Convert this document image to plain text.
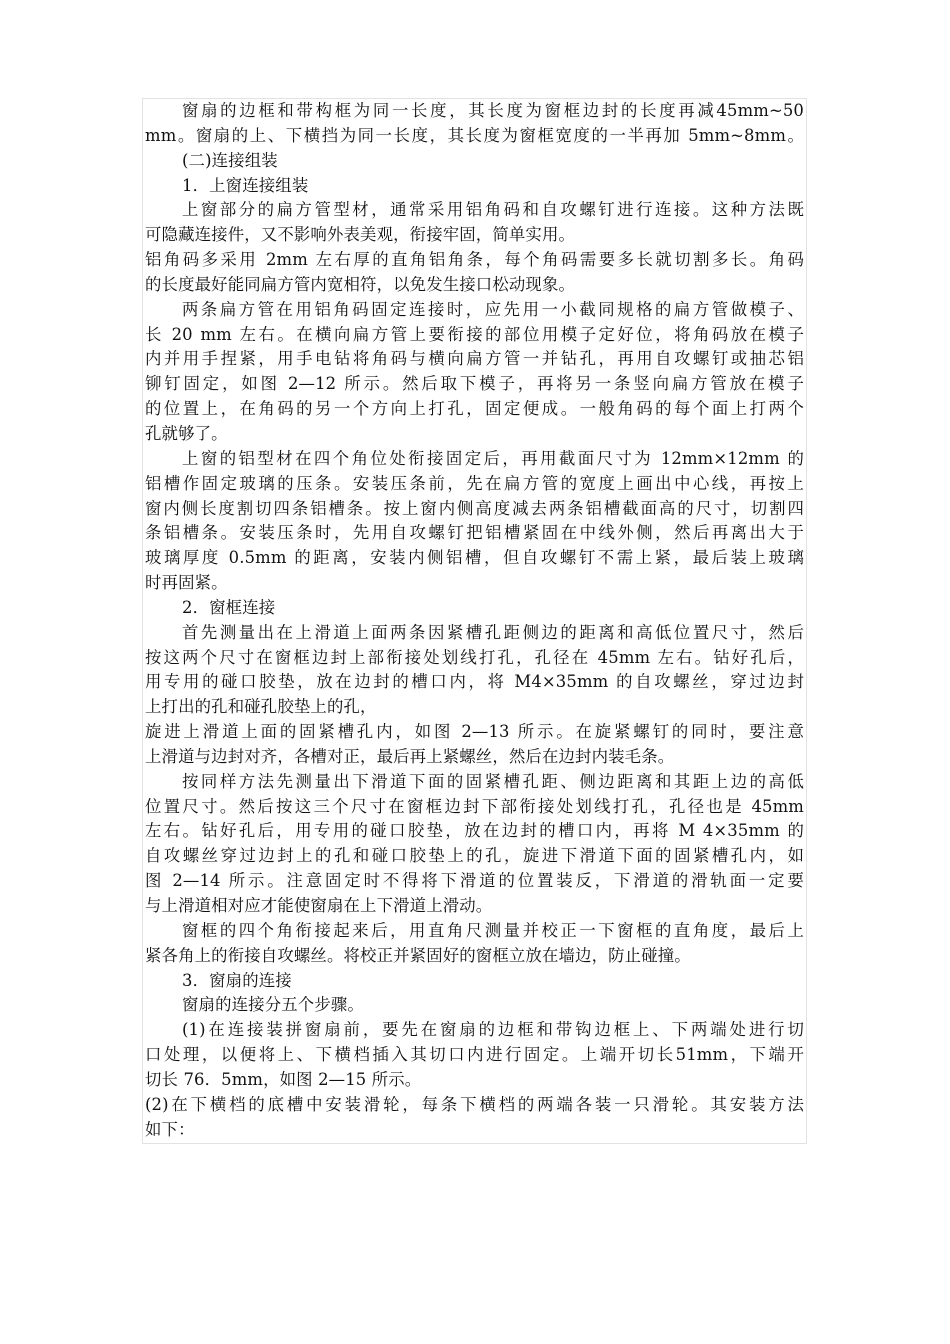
窗扇的边框和带构框为同一长度，其长度为窗框边封的长度再减45mm~50
mm。窗扇的上、下横挡为同一长度，其长度为窗框宽度的一半再加 5mm~8mm。
(二)连接组装
1．上窗连接组装
上窗部分的扁方管型材，通常采用铝角码和自攻螺钉进行连接。这种方法既
可隐藏连接件，又不影响外表美观，衔接牢固，简单实用。
铝角码多采用 2mm 左右厚的直角铝角条，每个角码需要多长就切割多长。角码
的长度最好能同扁方管内宽相符，以免发生接口松动现象。
两条扁方管在用铝角码固定连接时，应先用一小截同规格的扁方管做模子、
长 20 mm 左右。在横向扁方管上要衔接的部位用模子定好位，将角码放在模子
内并用手捏紧，用手电钻将角码与横向扁方管一并钻孔，再用自攻螺钉或抽芯铝
铆钉固定，如图 2—12 所示。然后取下模子，再将另一条竖向扁方管放在模子
的位置上，在角码的另一个方向上打孔，固定便成。一般角码的每个面上打两个
孔就够了。
上窗的铝型材在四个角位处衔接固定后，再用截面尺寸为 12mm×12mm 的
铝槽作固定玻璃的压条。安装压条前，先在扁方管的宽度上画出中心线，再按上
窗内侧长度割切四条铝槽条。按上窗内侧高度减去两条铝槽截面高的尺寸，切割四
条铝槽条。安装压条时，先用自攻螺钉把铝槽紧固在中线外侧，然后再离出大于
玻璃厚度 0.5mm 的距离，安装内侧铝槽，但自攻螺钉不需上紧，最后装上玻璃
时再固紧。
2．窗框连接
首先测量出在上滑道上面两条因紧槽孔距侧边的距离和高低位置尺寸，然后
按这两个尺寸在窗框边封上部衔接处划线打孔，孔径在 45mm 左右。钻好孔后，
用专用的碰口胶垫，放在边封的槽口内，将 M4×35mm 的自攻螺丝，穿过边封
上打出的孔和碰孔胶垫上的孔，
旋进上滑道上面的固紧槽孔内，如图 2—13 所示。在旋紧螺钉的同时，要注意
上滑道与边封对齐，各槽对正，最后再上紧螺丝，然后在边封内装毛条。
按同样方法先测量出下滑道下面的固紧槽孔距、侧边距离和其距上边的高低
位置尺寸。然后按这三个尺寸在窗框边封下部衔接处划线打孔，孔径也是 45mm
左右。钻好孔后，用专用的碰口胶垫，放在边封的槽口内，再将 M 4×35mm 的
自攻螺丝穿过边封上的孔和碰口胶垫上的孔，旋进下滑道下面的固紧槽孔内，如
图 2—14 所示。注意固定时不得将下滑道的位置装反，下滑道的滑轨面一定要
与上滑道相对应才能使窗扇在上下滑道上滑动。
窗框的四个角衔接起来后，用直角尺测量并校正一下窗框的直角度，最后上
紧各角上的衔接自攻螺丝。将校正并紧固好的窗框立放在墙边，防止碰撞。
3．窗扇的连接
窗扇的连接分五个步骤。
(1)在连接装拼窗扇前，要先在窗扇的边框和带钩边框上、下两端处进行切
口处理，以便将上、下横档插入其切口内进行固定。上端开切长51mm，下端开
切长 76．5mm，如图 2—15 所示。
(2)在下横档的底槽中安装滑轮，每条下横档的两端各装一只滑轮。其安装方法
如下：
